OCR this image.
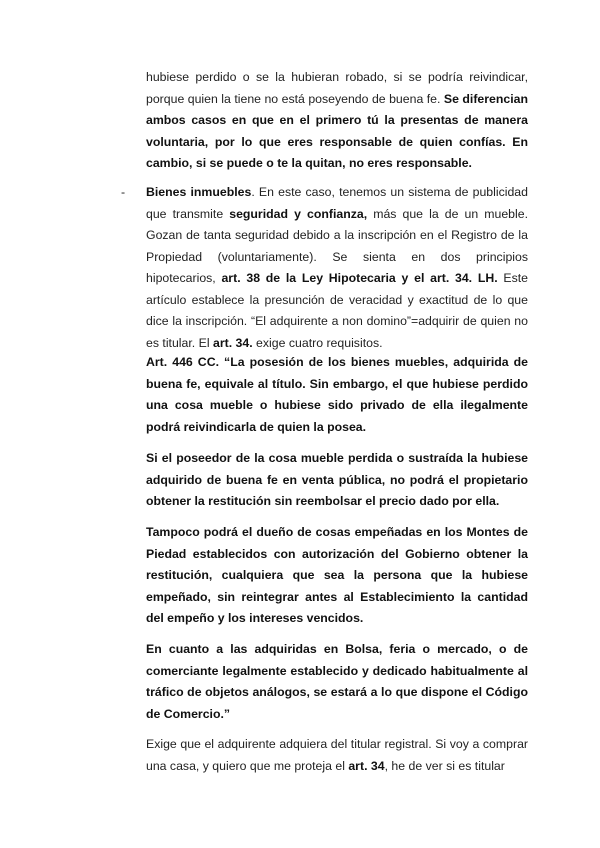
hubiese perdido o se la hubieran robado, si se podría reivindicar, porque quien la tiene no está poseyendo de buena fe. Se diferencian ambos casos en que en el primero tú la presentas de manera voluntaria, por lo que eres responsable de quien confías. En cambio, si se puede o te la quitan, no eres responsable.

- Bienes inmuebles. En este caso, tenemos un sistema de publicidad que transmite seguridad y confianza, más que la de un mueble. Gozan de tanta seguridad debido a la inscripción en el Registro de la Propiedad (voluntariamente). Se sienta en dos principios hipotecarios, art. 38 de la Ley Hipotecaria y el art. 34. LH. Este artículo establece la presunción de veracidad y exactitud de lo que dice la inscripción. “El adquirente a non domino”=adquirir de quien no es titular. El art. 34. exige cuatro requisitos.

Art. 446 CC. “La posesión de los bienes muebles, adquirida de buena fe, equivale al título. Sin embargo, el que hubiese perdido una cosa mueble o hubiese sido privado de ella ilegalmente podrá reivindicarla de quien la posea.

Si el poseedor de la cosa mueble perdida o sustraída la hubiese adquirido de buena fe en venta pública, no podrá el propietario obtener la restitución sin reembolsar el precio dado por ella.

Tampoco podrá el dueño de cosas empeñadas en los Montes de Piedad establecidos con autorización del Gobierno obtener la restitución, cualquiera que sea la persona que la hubiese empeñado, sin reintegrar antes al Establecimiento la cantidad del empeño y los intereses vencidos.

En cuanto a las adquiridas en Bolsa, feria o mercado, o de comerciante legalmente establecido y dedicado habitualmente al tráfico de objetos análogos, se estará a lo que dispone el Código de Comercio.”

Exige que el adquirente adquiera del titular registral. Si voy a comprar una casa, y quiero que me proteja el art. 34, he de ver si es titular
